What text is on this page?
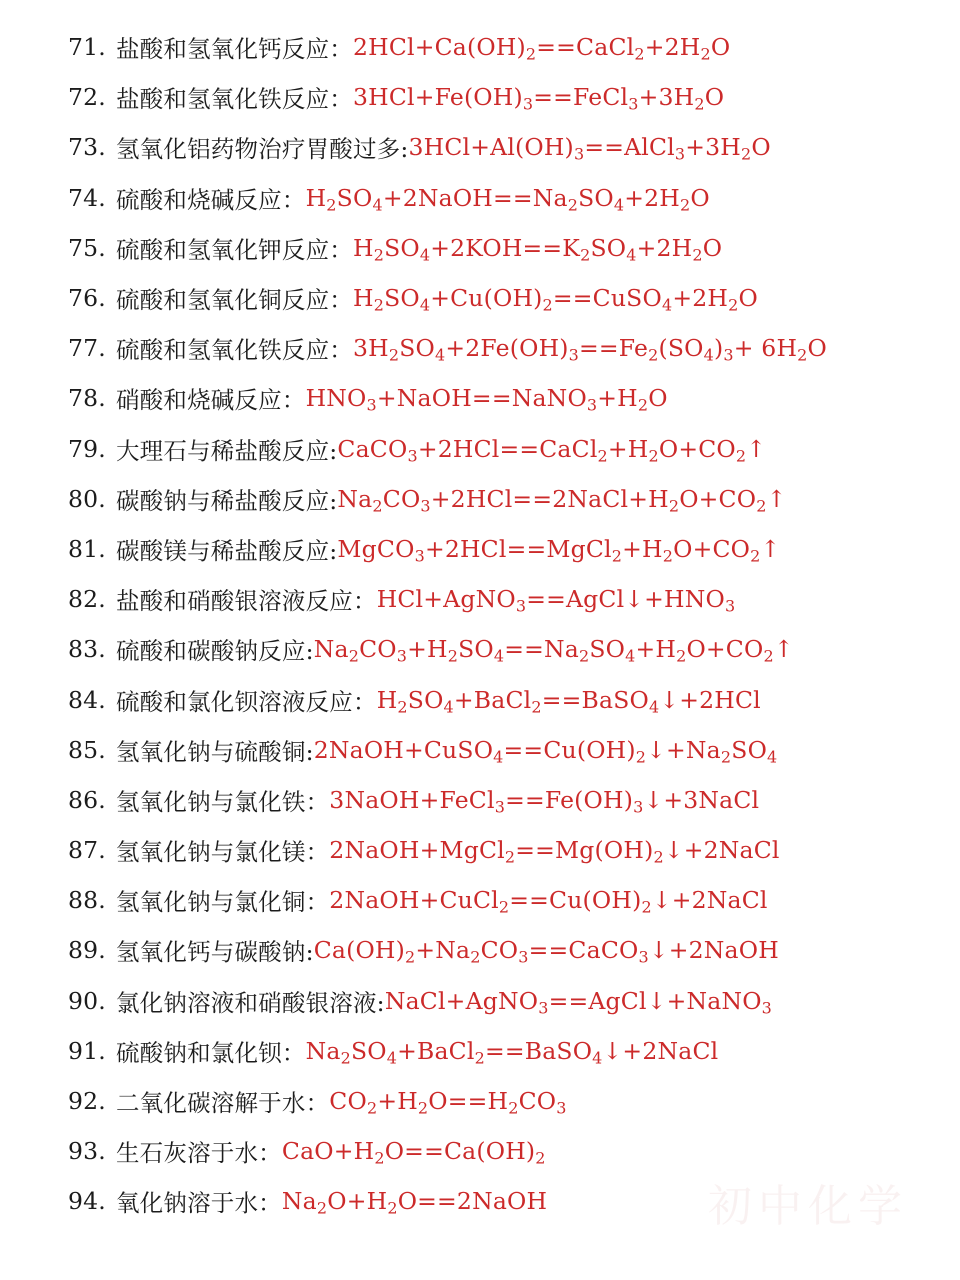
71. 盐酸和氢氧化钙反应： $2HCl+Ca(OH)_2==CaCl_2+2H_2O$
72. 盐酸和氢氧化铁反应： $3HCl+Fe(OH)_3==FeCl_3+3H_2O$
73. 氢氧化铝药物治疗胃酸过多: $3HCl+Al(OH)_3==AlCl_3+3H_2O$
74. 硫酸和烧碱反应： $H_2SO_4+2NaOH==Na_2SO_4+2H_2O$
75. 硫酸和氢氧化钾反应： $H_2SO_4+2KOH==K_2SO_4+2H_2O$
76. 硫酸和氢氧化铜反应： $H_2SO_4+Cu(OH)_2==CuSO_4+2H_2O$
77. 硫酸和氢氧化铁反应： $3H_2SO_4+2Fe(OH)_3==Fe_2(SO_4)_3+ 6H_2O$
78. 硝酸和烧碱反应： $HNO_3+NaOH==NaNO_3+H_2O$
79. 大理石与稀盐酸反应: $CaCO_3+2HCl==CaCl_2+H_2O+CO_2↑$
80. 碳酸钠与稀盐酸反应: $Na_2CO_3+2HCl==2NaCl+H_2O+CO_2↑$
81. 碳酸镁与稀盐酸反应: $MgCO_3+2HCl==MgCl_2+H_2O+CO_2↑$
82. 盐酸和硝酸银溶液反应： $HCl+AgNO_3==AgCl↓+HNO_3$
83. 硫酸和碳酸钠反应: $Na_2CO_3+H_2SO_4==Na_2SO_4+H_2O+CO_2↑$
84. 硫酸和氯化钡溶液反应： $H_2SO_4+BaCl_2==BaSO_4↓+2HCl$
85. 氢氧化钠与硫酸铜: $2NaOH+CuSO_4==Cu(OH)_2↓+Na_2SO_4$
86. 氢氧化钠与氯化铁： $3NaOH+FeCl_3==Fe(OH)_3↓+3NaCl$
87. 氢氧化钠与氯化镁： $2NaOH+MgCl_2==Mg(OH)_2↓+2NaCl$
88. 氢氧化钠与氯化铜： $2NaOH+CuCl_2==Cu(OH)_2↓+2NaCl$
89. 氢氧化钙与碳酸钠: $Ca(OH)_2+Na_2CO_3==CaCO_3↓+2NaOH$
90. 氯化钠溶液和硝酸银溶液: NaCl+AgNO$_3$==AgCl↓+NaNO$_3$
91. 硫酸钠和氯化钡： $Na_2SO_4+BaCl_2==BaSO_4↓+2NaCl$
92. 二氧化碳溶解于水： $CO_2+H_2O==H_2CO_3$
93. 生石灰溶于水： $CaO+H_2O==Ca(OH)_2$
94. 氧化钠溶于水： $Na_2O+H_2O==2NaOH$	初中化学
